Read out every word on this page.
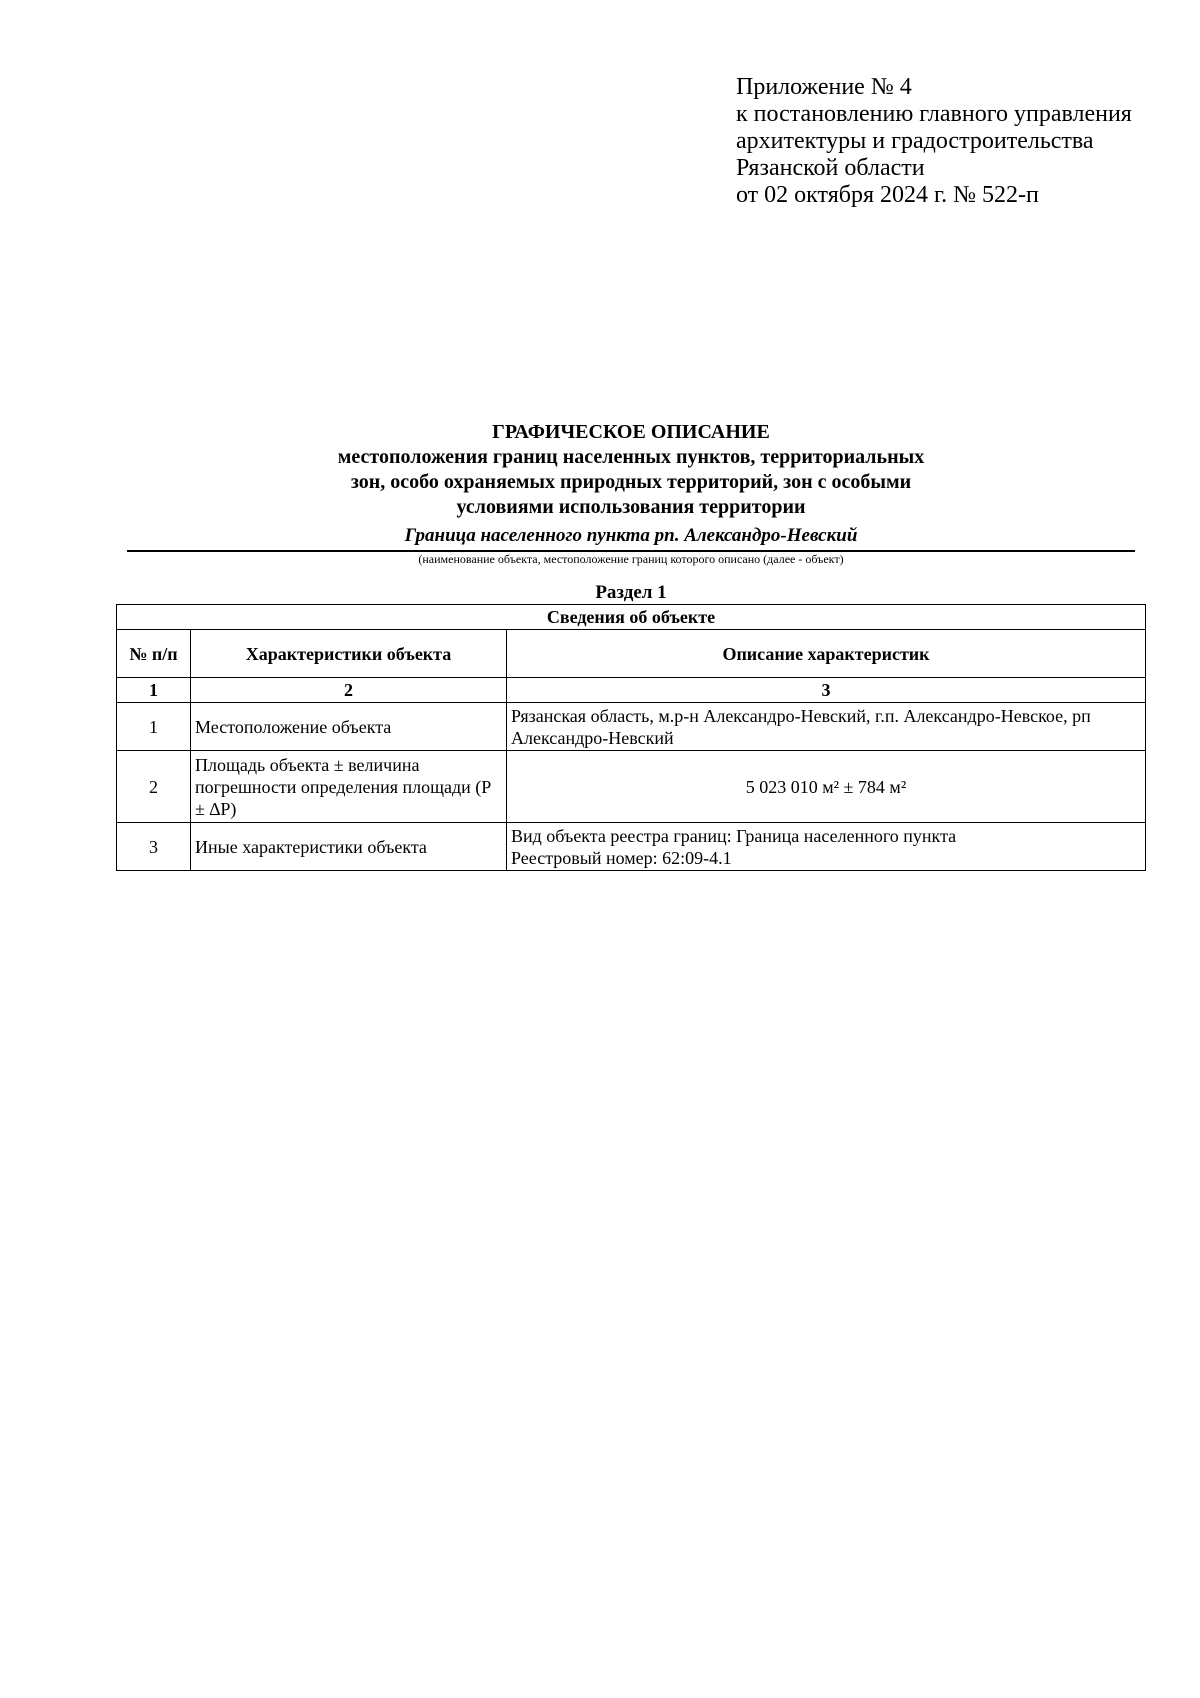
Приложение № 4
к постановлению главного управления
архитектуры и градостроительства
Рязанской области
от 02 октября 2024 г. № 522-п
ГРАФИЧЕСКОЕ ОПИСАНИЕ
местоположения границ населенных пунктов, территориальных
зон, особо охраняемых природных территорий, зон с особыми
условиями использования территории
Граница населенного пункта рп. Александро-Невский
(наименование объекта, местоположение границ которого описано (далее - объект)
Раздел 1
Сведения об объекте		
№ п/п	Характеристики объекта	Описание характеристик
1	2	3
1	Местоположение объекта	Рязанская область, м.р-н Александро-Невский, г.п. Александро-Невское, рп Александро-Невский
2	Площадь объекта ± величина погрешности определения площади (Р ± ∆Р)	5 023 010 м² ± 784 м²
3	Иные характеристики объекта	Вид объекта реестра границ: Граница населенного пункта
Реестровый номер: 62:09-4.1
